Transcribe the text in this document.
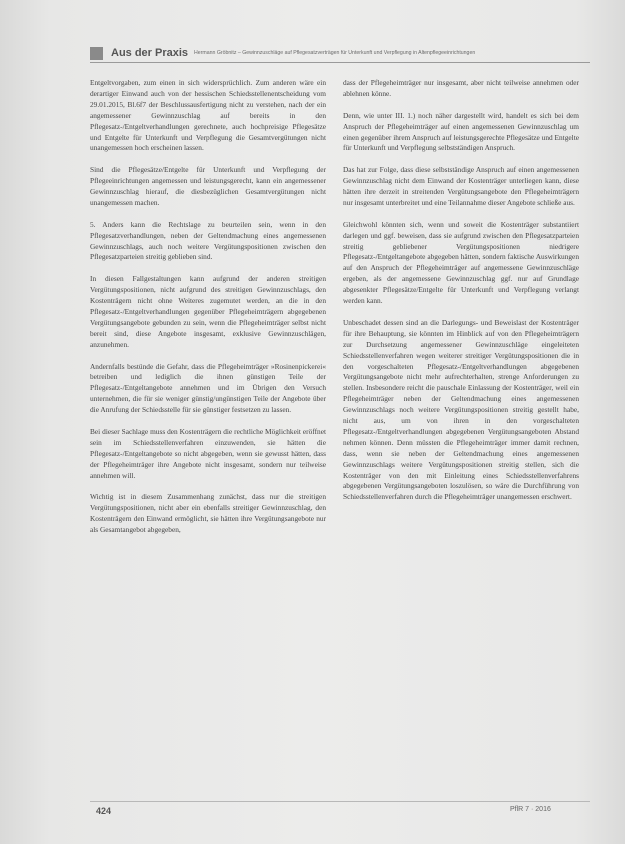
Aus der Praxis Hermann Gröbnitz – Gewinnzuschläge auf Pflegesatzverträgen für Unterkunft und Verpflegung in Altenpflegeeinrichtungen

Entgeltvorgaben, zum einen in sich widersprüchlich. Zum anderen wäre ein derartiger Einwand auch von der hessischen Schiedsstellenentscheidung vom 29.01.2015, Bl.6f7 der Beschlussausfertigung nicht zu verstehen, nach der ein angemessener Gewinnzuschlag auf bereits in den Pflegesatz-/Entgeltverhandlungen gerechnete, auch hochpreisige Pflegesätze und Entgelte für Unterkunft und Verpflegung die Gesamtvergütungen nicht unangemessen hoch erscheinen lassen.

Sind die Pflegesätze/Entgelte für Unterkunft und Verpflegung der Pflegeeinrichtungen angemessen und leistungsgerecht, kann ein angemessener Gewinnzuschlag hierauf, die diesbezüglichen Gesamtvergütungen nicht unangemessen machen.

5. Anders kann die Rechtslage zu beurteilen sein, wenn in den Pflegesatzverhandlungen, neben der Geltendmachung eines angemessenen Gewinnzuschlags, auch noch weitere Vergütungspositionen zwischen den Pflegesatzparteien streitig geblieben sind.

In diesen Fallgestaltungen kann aufgrund der anderen streitigen Vergütungspositionen, nicht aufgrund des streitigen Gewinnzuschlags, den Kostenträgern nicht ohne Weiteres zugemutet werden, an die in den Pflegesatz-/Entgeltverhandlungen gegenüber Pflegeheimträgern abgegebenen Vergütungsangebote gebunden zu sein, wenn die Pflegeheimträger selbst nicht bereit sind, diese Angebote insgesamt, exklusive Gewinnzuschlägen, anzunehmen.

Andernfalls bestünde die Gefahr, dass die Pflegeheimträger »Rosinenpickerei« betreiben und lediglich die ihnen günstigen Teile der Pflegesatz-/Entgeltangebote annehmen und im Übrigen den Versuch unternehmen, die für sie weniger günstig/ungünstigen Teile der Angebote über die Anrufung der Schiedsstelle für sie günstiger festsetzen zu lassen.

Bei dieser Sachlage muss den Kostenträgern die rechtliche Möglichkeit eröffnet sein im Schiedsstellenverfahren einzuwenden, sie hätten die Pflegesatz-/Entgeltangebote so nicht abgegeben, wenn sie gewusst hätten, dass der Pflegeheimträger ihre Angebote nicht insgesamt, sondern nur teilweise annehmen will.

Wichtig ist in diesem Zusammenhang zunächst, dass nur die streitigen Vergütungspositionen, nicht aber ein ebenfalls streitiger Gewinnzuschlag, den Kostenträgern den Einwand ermöglicht, sie hätten ihre Vergütungsangebote nur als Gesamtangebot abgegeben,

dass der Pflegeheimträger nur insgesamt, aber nicht teilweise annehmen oder ablehnen könne.

Denn, wie unter III. 1.) noch näher dargestellt wird, handelt es sich bei dem Anspruch der Pflegeheimträger auf einen angemessenen Gewinnzuschlag um einen gegenüber ihrem Anspruch auf leistungsgerechte Pflegesätze und Entgelte für Unterkunft und Verpflegung selbstständigen Anspruch.

Das hat zur Folge, dass diese selbstständige Anspruch auf einen angemessenen Gewinnzuschlag nicht dem Einwand der Kostenträger unterliegen kann, diese hätten ihre derzeit in streitenden Vergütungsangebote den Pflegeheimträgern nur insgesamt unterbreitet und eine Teilannahme dieser Angebote schließe aus.

Gleichwohl könnten sich, wenn und soweit die Kostenträger substantiiert darlegen und ggf. beweisen, dass sie aufgrund zwischen den Pflegesatzparteien streitig gebliebener Vergütungspositionen niedrigere Pflegesatz-/Entgeltangebote abgegeben hätten, sondern faktische Auswirkungen auf den Anspruch der Pflegeheimträger auf angemessene Gewinnzuschläge ergeben, als der angemessene Gewinnzuschlag ggf. nur auf Grundlage abgesenkter Pflegesätze/Entgelte für Unterkunft und Verpflegung verlangt werden kann.

Unbeschadet dessen sind an die Darlegungs- und Beweislast der Kostenträger für ihre Behauptung, sie könnten im Hinblick auf von den Pflegeheimträgern zur Durchsetzung angemessener Gewinnzuschläge eingeleiteten Schiedsstellenverfahren wegen weiterer streitiger Vergütungspositionen die in den vorgeschalteten Pflegesatz-/Entgeltverhandlungen abgegebenen Vergütungsangebote nicht mehr aufrechterhalten, strenge Anforderungen zu stellen. Insbesondere reicht die pauschale Einlassung der Kostenträger, weil ein Pflegeheimträger neben der Geltendmachung eines angemessenen Gewinnzuschlags noch weitere Vergütungspositionen streitig gestellt habe, nicht aus, um von ihren in den vorgeschalteten Pflegesatz-/Entgeltverhandlungen abgegebenen Vergütungsangeboten Abstand nehmen können. Denn müssten die Pflegeheimträger immer damit rechnen, dass, wenn sie neben der Geltendmachung eines angemessenen Gewinnzuschlags weitere Vergütungspositionen streitig stellen, sich die Kostenträger von den mit Einleitung eines Schiedsstellenverfahrens abgegebenen Vergütungsangeboten loszulösen, so wäre die Durchführung von Schiedsstellenverfahren durch die Pflegeheimträger unangemessen erschwert.

424	PflR 7 · 2016
